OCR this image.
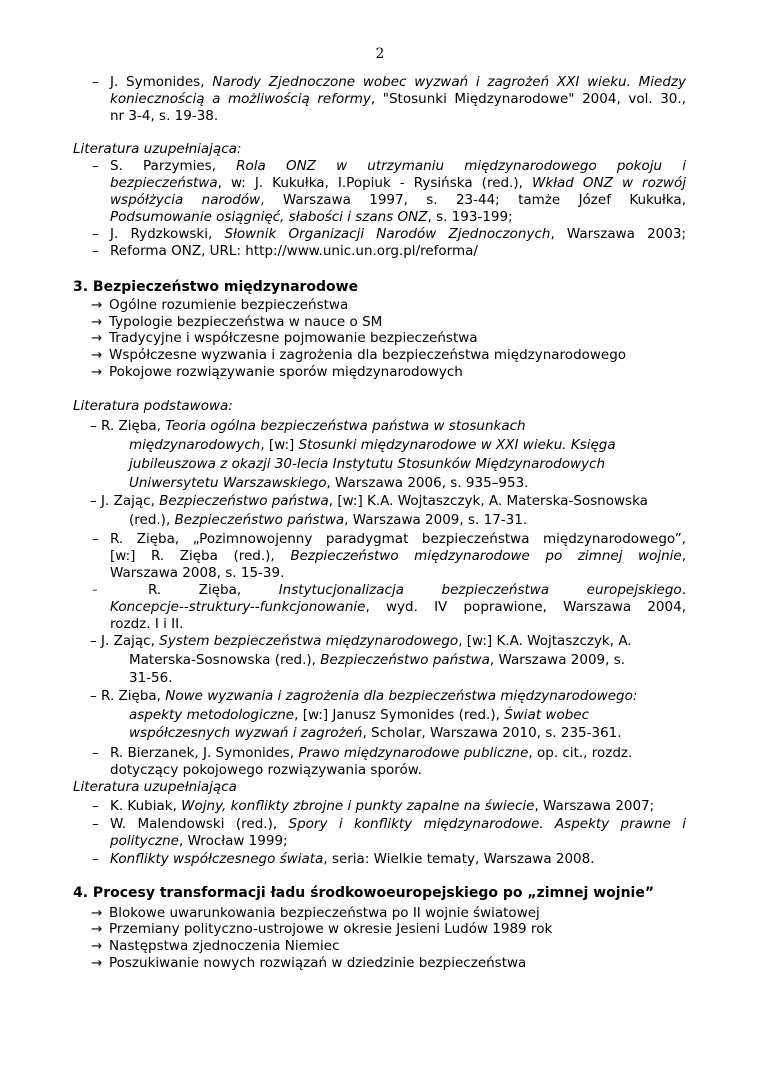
2
– J. Symonides, Narody Zjednoczone wobec wyzwań i zagrożeń XXI wieku. Miedzy
koniecznością a możliwością reformy, "Stosunki Międzynarodowe" 2004, vol. 30.,
nr 3-4, s. 19-38.
Literatura uzupełniająca:
– S. Parzymies, Rola ONZ w utrzymaniu międzynarodowego pokoju i
bezpieczeństwa, w: J. Kukułka, I.Popiuk - Rysińska (red.), Wkład ONZ w rozwój
współżycia narodów, Warszawa 1997, s. 23-44; tamże Józef Kukułka,
Podsumowanie osiągnięć, słabości i szans ONZ, s. 193-199;
– J. Rydzkowski, Słownik Organizacji Narodów Zjednoczonych, Warszawa 2003;
– Reforma ONZ, URL: http://www.unic.un.org.pl/reforma/
3. Bezpieczeństwo międzynarodowe
→ Ogólne rozumienie bezpieczeństwa
→ Typologie bezpieczeństwa w nauce o SM
→ Tradycyjne i współczesne pojmowanie bezpieczeństwa
→ Współczesne wyzwania i zagrożenia dla bezpieczeństwa międzynarodowego
→ Pokojowe rozwiązywanie sporów międzynarodowych
Literatura podstawowa:
– R. Zięba, Teoria ogólna bezpieczeństwa państwa w stosunkach
międzynarodowych, [w:] Stosunki międzynarodowe w XXI wieku. Księga
jubileuszowa z okazji 30-lecia Instytutu Stosunków Międzynarodowych
Uniwersytetu Warszawskiego, Warszawa 2006, s. 935–953.
– J. Zając, Bezpieczeństwo państwa, [w:] K.A. Wojtaszczyk, A. Materska-Sosnowska
(red.), Bezpieczeństwo państwa, Warszawa 2009, s. 17-31.
– R. Zięba, „Pozimnowojenny paradygmat bezpieczeństwa międzynarodowego”,
[w:] R. Zięba (red.), Bezpieczeństwo międzynarodowe po zimnej wojnie,
Warszawa 2008, s. 15-39.
–	R. Zięba, Instytucjonalizacja bezpieczeństwa europejskiego.
Koncepcje--struktury--funkcjonowanie, wyd. IV poprawione, Warszawa 2004,
rozdz. I i II.
– J. Zając, System bezpieczeństwa międzynarodowego, [w:] K.A. Wojtaszczyk, A.
Materska-Sosnowska (red.), Bezpieczeństwo państwa, Warszawa 2009, s.
31-56.
– R. Zięba, Nowe wyzwania i zagrożenia dla bezpieczeństwa międzynarodowego:
aspekty metodologiczne, [w:] Janusz Symonides (red.), Świat wobec
współczesnych wyzwań i zagrożeń, Scholar, Warszawa 2010, s. 235-361.
– R. Bierzanek, J. Symonides, Prawo międzynarodowe publiczne, op. cit., rozdz.
dotyczący pokojowego rozwiązywania sporów.
Literatura uzupełniająca
– K. Kubiak, Wojny, konflikty zbrojne i punkty zapalne na świecie, Warszawa 2007;
– W. Malendowski (red.), Spory i konflikty międzynarodowe. Aspekty prawne i
polityczne, Wrocław 1999;
– Konflikty współczesnego świata, seria: Wielkie tematy, Warszawa 2008.
4. Procesy transformacji ładu środkowoeuropejskiego po „zimnej wojnie”
→ Blokowe uwarunkowania bezpieczeństwa po II wojnie światowej
→ Przemiany polityczno-ustrojowe w okresie Jesieni Ludów 1989 rok
→ Następstwa zjednoczenia Niemiec
→ Poszukiwanie nowych rozwiązań w dziedzinie bezpieczeństwa
